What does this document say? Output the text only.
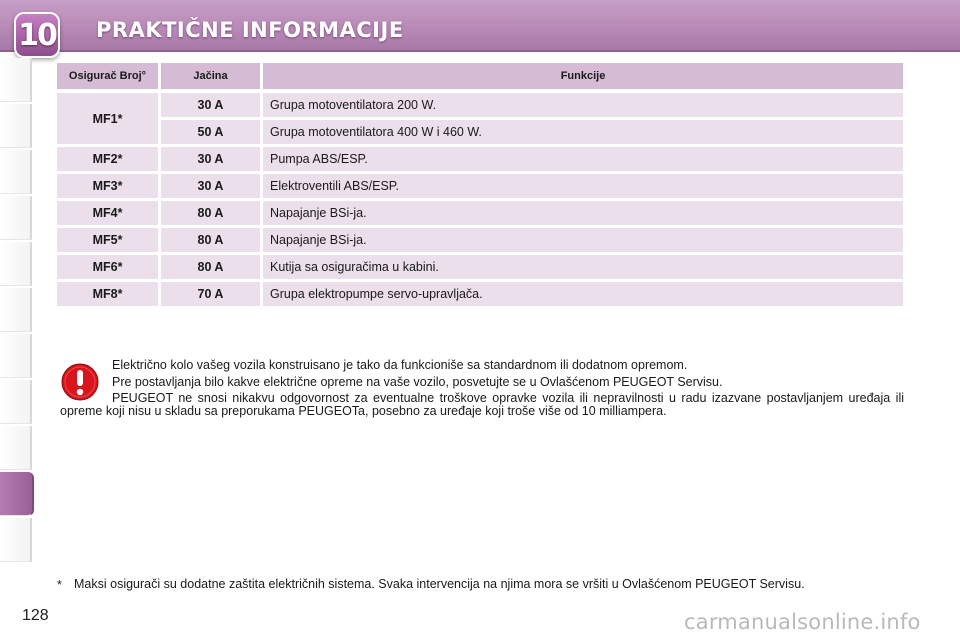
10 PRAKTIČNE INFORMACIJE
Osigurač Broj°	Jačina	Funkcije
MF1*
30 A	Grupa motoventilatora 200 W.
50 A	Grupa motoventilatora 400 W i 460 W.
MF2*	30 A	Pumpa ABS/ESP.
MF3*	30 A	Elektroventili ABS/ESP.
MF4*	80 A	Napajanje BSi-ja.
MF5*	80 A	Napajanje BSi-ja.
MF6*	80 A	Kutija sa osiguračima u kabini.
MF8*	70 A	Grupa elektropumpe servo-upravljača.
Električno kolo vašeg vozila konstruisano je tako da funkcioniše sa standardnom ili dodatnom opremom.
Pre postavljanja bilo kakve električne opreme na vaše vozilo, posvetujte se u Ovlašćenom PEUGEOT Servisu.
PEUGEOT ne snosi nikakvu odgovornost za eventualne troškove opravke vozila ili nepravilnosti u radu izazvane postavljanjem uređaja ili opreme koji nisu u skladu sa preporukama PEUGEOTa, posebno za uređaje koji troše više od 10 milliampera.
* Maksi osigurači su dodatne zaštita električnih sistema. Svaka intervencija na njima mora se vršiti u Ovlašćenom PEUGEOT Servisu.
128	carmanualsonline.info
